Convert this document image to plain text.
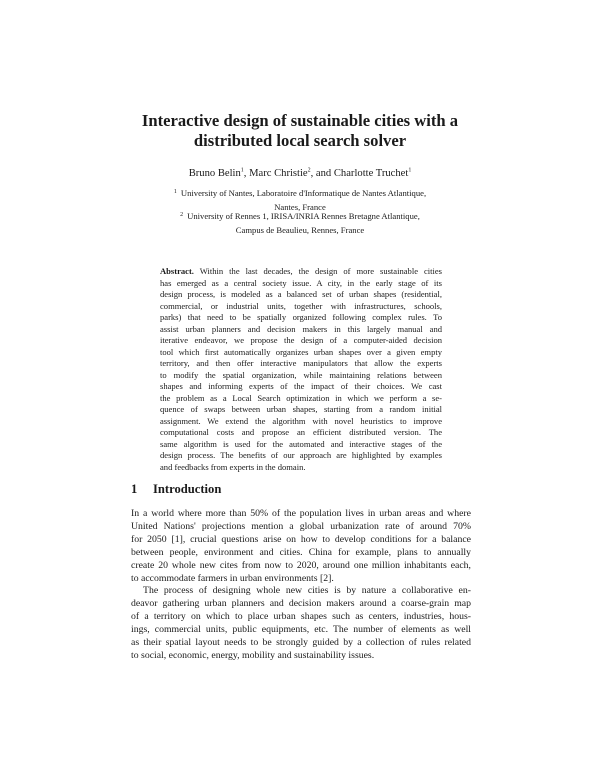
Interactive design of sustainable cities with a
distributed local search solver
Bruno Belin$^1$, Marc Christie$^2$, and Charlotte Truchet$^1$
$^1$ University of Nantes, Laboratoire d'Informatique de Nantes Atlantique,
Nantes, France
$^2$ University of Rennes 1, IRISA/INRIA Rennes Bretagne Atlantique,
Campus de Beaulieu, Rennes, France
Abstract. Within the last decades, the design of more sustainable cities
has emerged as a central society issue. A city, in the early stage of its
design process, is modeled as a balanced set of urban shapes (residential,
commercial, or industrial units, together with infrastructures, schools,
parks) that need to be spatially organized following complex rules. To
assist urban planners and decision makers in this largely manual and
iterative endeavor, we propose the design of a computer-aided decision
tool which first automatically organizes urban shapes over a given empty
territory, and then offer interactive manipulators that allow the experts
to modify the spatial organization, while maintaining relations between
shapes and informing experts of the impact of their choices. We cast
the problem as a Local Search optimization in which we perform a se-
quence of swaps between urban shapes, starting from a random initial
assignment. We extend the algorithm with novel heuristics to improve
computational costs and propose an efficient distributed version. The
same algorithm is used for the automated and interactive stages of the
design process. The benefits of our approach are highlighted by examples
and feedbacks from experts in the domain.
1 Introduction
In a world where more than 50% of the population lives in urban areas and where
United Nations' projections mention a global urbanization rate of around 70%
for 2050 [1], crucial questions arise on how to develop conditions for a balance
between people, environment and cities. China for example, plans to annually
create 20 whole new cites from now to 2020, around one million inhabitants each,
to accommodate farmers in urban environments [2].
The process of designing whole new cities is by nature a collaborative en-
deavor gathering urban planners and decision makers around a coarse-grain map
of a territory on which to place urban shapes such as centers, industries, hous-
ings, commercial units, public equipments, etc. The number of elements as well
as their spatial layout needs to be strongly guided by a collection of rules related
to social, economic, energy, mobility and sustainability issues.
